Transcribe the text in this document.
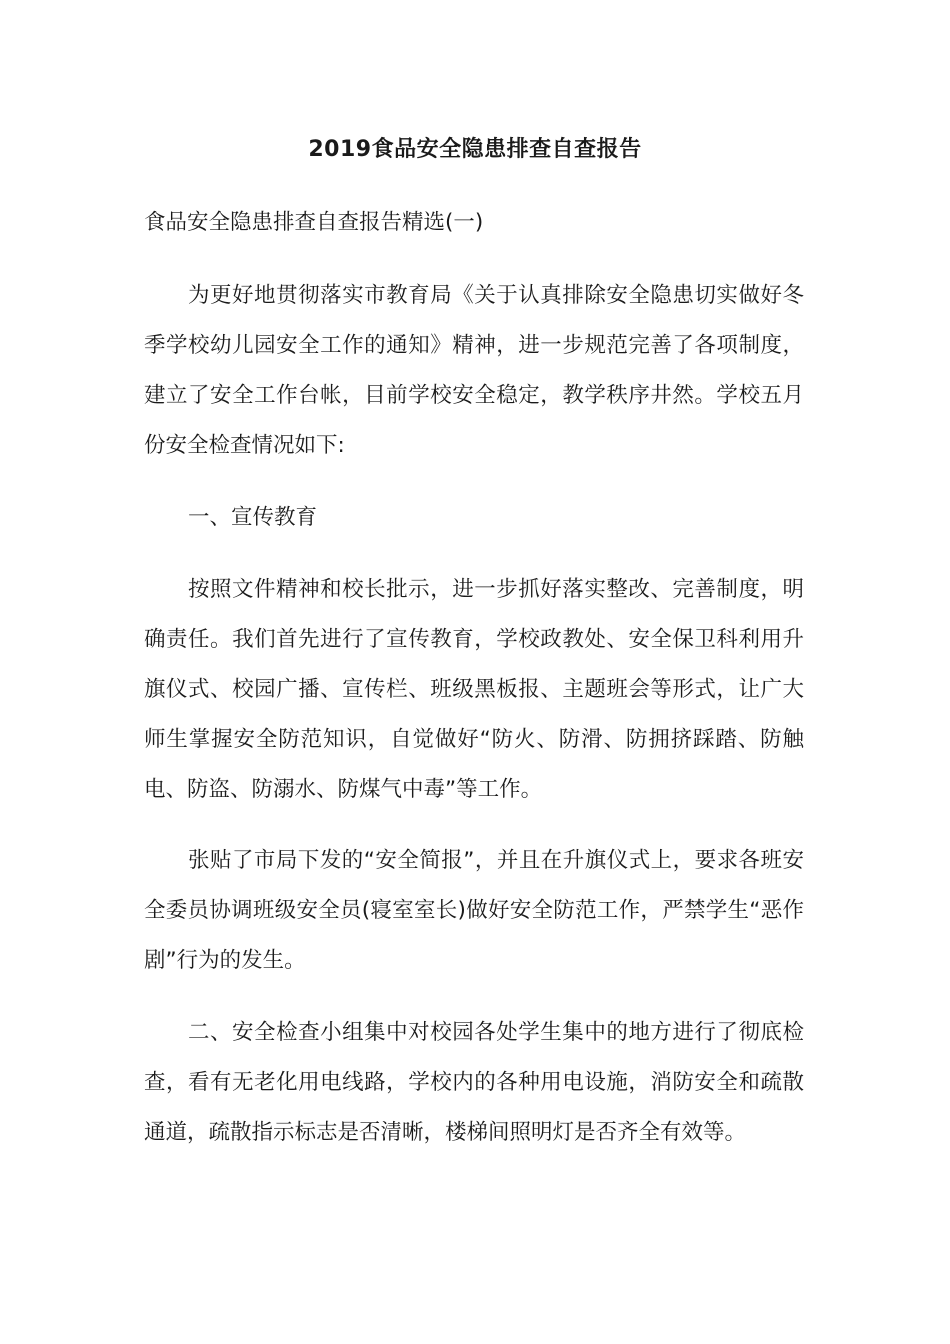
2019食品安全隐患排查自查报告
食品安全隐患排查自查报告精选(一)

为更好地贯彻落实市教育局《关于认真排除安全隐患切实做好冬季学校幼儿园安全工作的通知》精神，进一步规范完善了各项制度，建立了安全工作台帐，目前学校安全稳定，教学秩序井然。学校五月份安全检查情况如下:

一、宣传教育

按照文件精神和校长批示，进一步抓好落实整改、完善制度，明确责任。我们首先进行了宣传教育，学校政教处、安全保卫科利用升旗仪式、校园广播、宣传栏、班级黑板报、主题班会等形式，让广大师生掌握安全防范知识，自觉做好“防火、防滑、防拥挤踩踏、防触电、防盗、防溺水、防煤气中毒”等工作。

张贴了市局下发的“安全简报”，并且在升旗仪式上，要求各班安全委员协调班级安全员(寝室室长)做好安全防范工作，严禁学生“恶作剧”行为的发生。

二、安全检查小组集中对校园各处学生集中的地方进行了彻底检查，看有无老化用电线路，学校内的各种用电设施，消防安全和疏散通道，疏散指示标志是否清晰，楼梯间照明灯是否齐全有效等。
